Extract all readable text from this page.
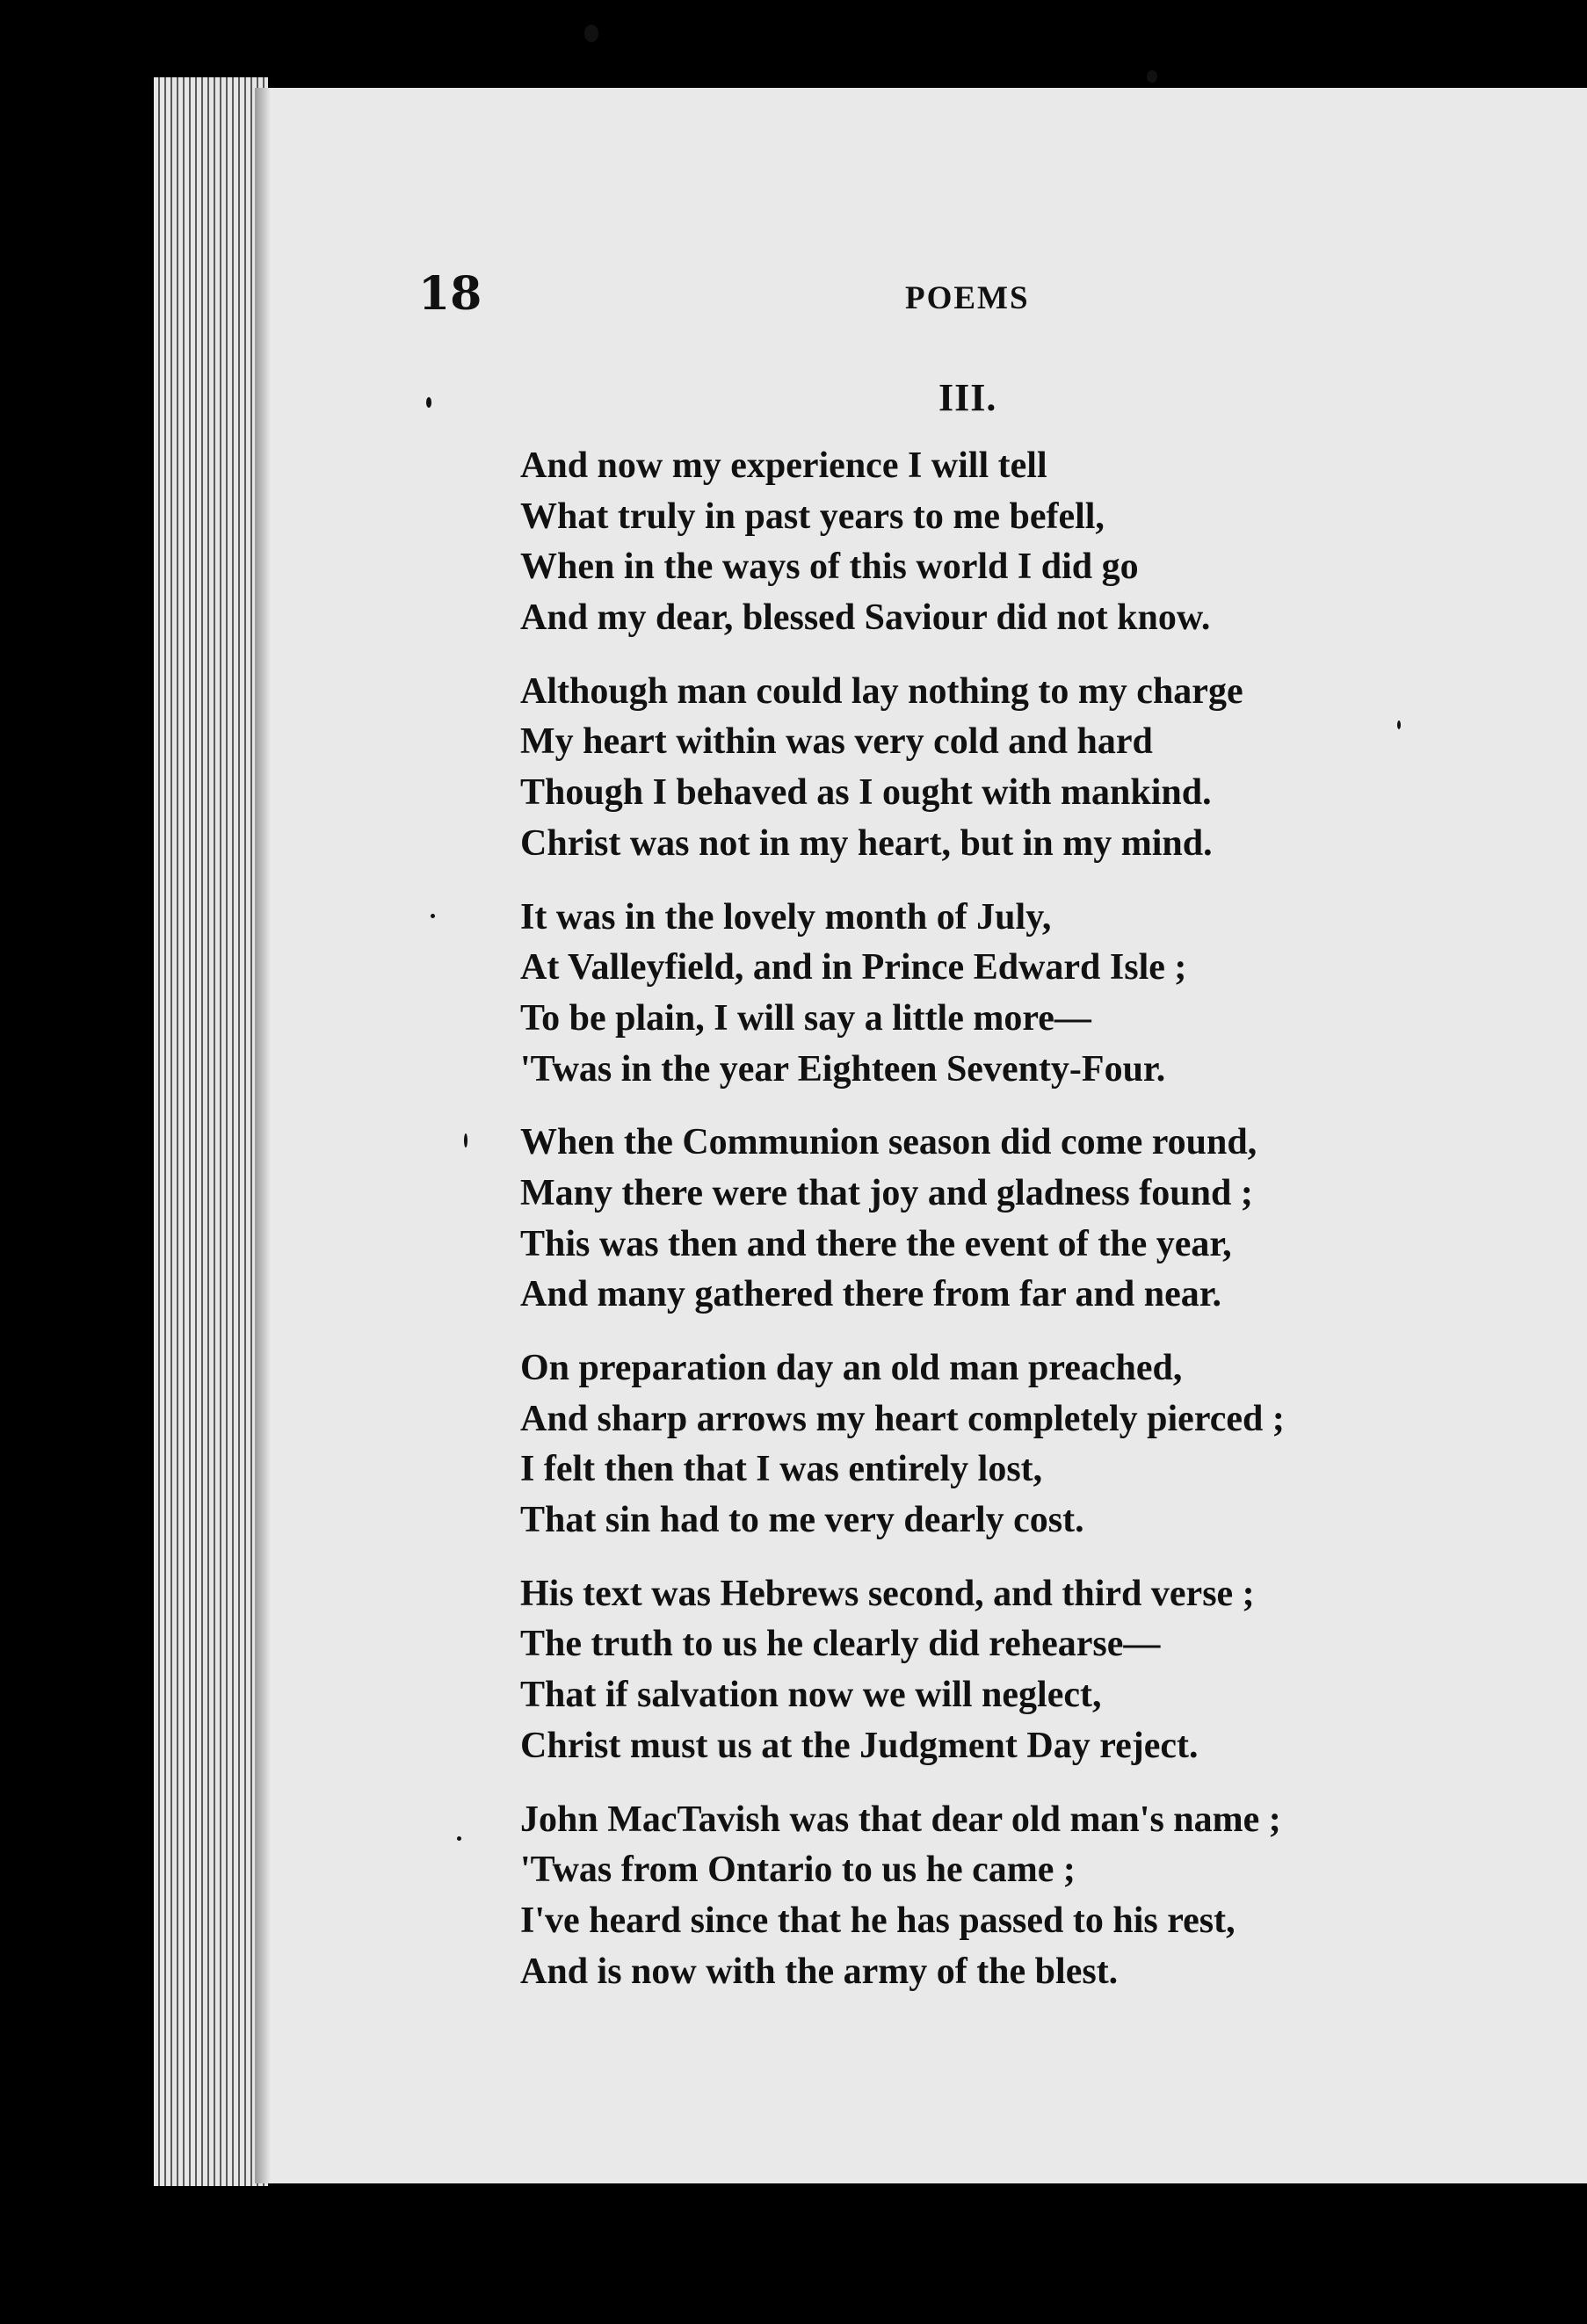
18	POEMS

III.

And now my experience I will tell
What truly in past years to me befell,
When in the ways of this world I did go
And my dear, blessed Saviour did not know.
Although man could lay nothing to my charge
My heart within was very cold and hard
Though I behaved as I ought with mankind.
Christ was not in my heart, but in my mind.
It was in the lovely month of July,
At Valleyfield, and in Prince Edward Isle ;
To be plain, I will say a little more—
'Twas in the year Eighteen Seventy-Four.
When the Communion season did come round,
Many there were that joy and gladness found ;
This was then and there the event of the year,
And many gathered there from far and near.
On preparation day an old man preached,
And sharp arrows my heart completely pierced ;
I felt then that I was entirely lost,
That sin had to me very dearly cost.
His text was Hebrews second, and third verse ;
The truth to us he clearly did rehearse—
That if salvation now we will neglect,
Christ must us at the Judgment Day reject.
John MacTavish was that dear old man's name ;
'Twas from Ontario to us he came ;
I've heard since that he has passed to his rest,
And is now with the army of the blest.
